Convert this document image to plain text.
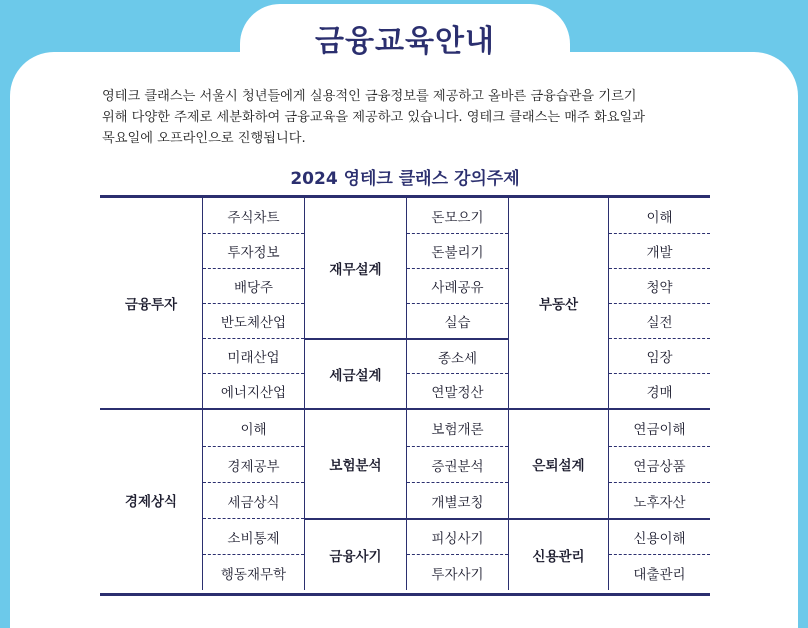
금융교육안내

영테크 클래스는 서울시 청년들에게 실용적인 금융정보를 제공하고 올바른 금융습관을 기르기

위해 다양한 주제로 세분화하여 금융교육을 제공하고 있습니다. 영테크 클래스는 매주 화요일과

목요일에 오프라인으로 진행됩니다.

2024 영테크 클래스 강의주제
금융투자
주식차트
투자정보
배당주
반도체산업
미래산업
에너지산업
재무설계
세금설계
돈모으기
돈불리기
사례공유
실습
종소세
연말정산
부동산
이해
개발
청약
실전
임장
경매
경제상식
이해
경제공부
세금상식
소비통제
행동재무학
보험분석
금융사기
보험개론
증권분석
개별코칭
피싱사기
투자사기
은퇴설계
신용관리
연금이해
연금상품
노후자산
신용이해
대출관리
